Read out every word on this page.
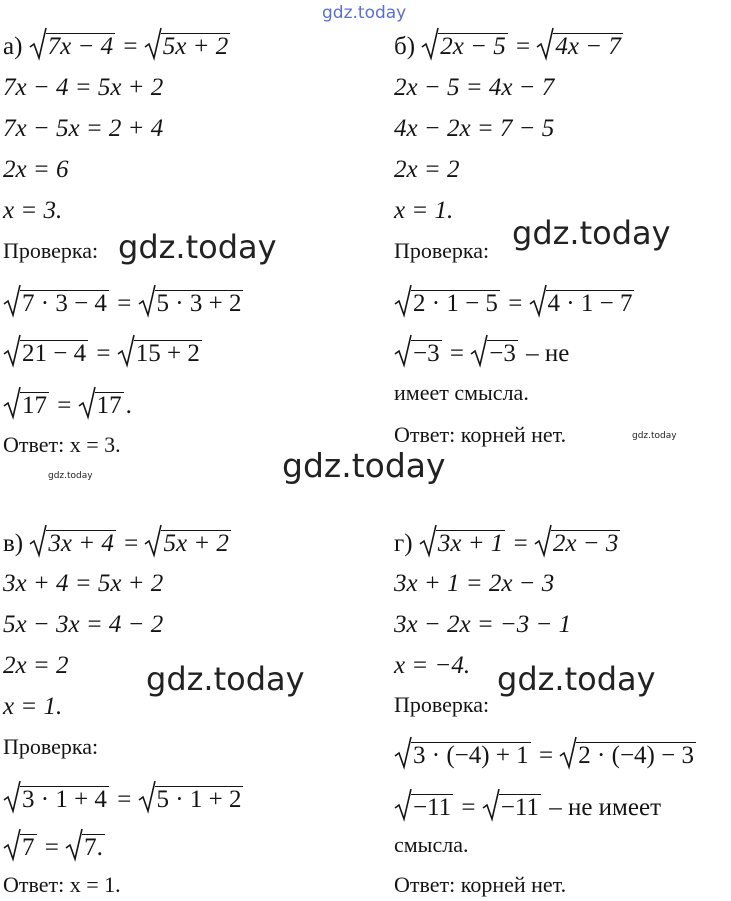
gdz.today
gdz.today	gdz.today
gdz.today
gdz.today
gdz.today
gdz.today	gdz.today
а) 7x − 4 =
5x + 2
7x − 4 = 5x + 2
7x − 5x = 2 + 4
2x = 6
x = 3.
Проверка:
7 · 3 − 4 =
5 · 3 + 2
21 − 4 =
15 + 2
17 =
17 .
Ответ: x = 3.
б) 2x − 5 =
4x − 7
2x − 5 = 4x − 7
4x − 2x = 7 − 5
2x = 2
x = 1.
Проверка:
2 · 1 − 5 =
4 · 1 − 7
−3 =
−3 – не
имеет смысла.
Ответ: корней нет.
в) 3x + 4 =
5x + 2
3x + 4 = 5x + 2
5x − 3x = 4 − 2
2x = 2
x = 1.
Проверка:
3 · 1 + 4 =
5 · 1 + 2
7 =
7.
Ответ: x = 1.
г) 3x + 1 =
2x − 3
3x + 1 = 2x − 3
3x − 2x = −3 − 1
x = −4.
Проверка:
3 · (−4) + 1 =
2 · (−4) − 3
−11 =
−11 – не имеет
смысла.
Ответ: корней нет.
